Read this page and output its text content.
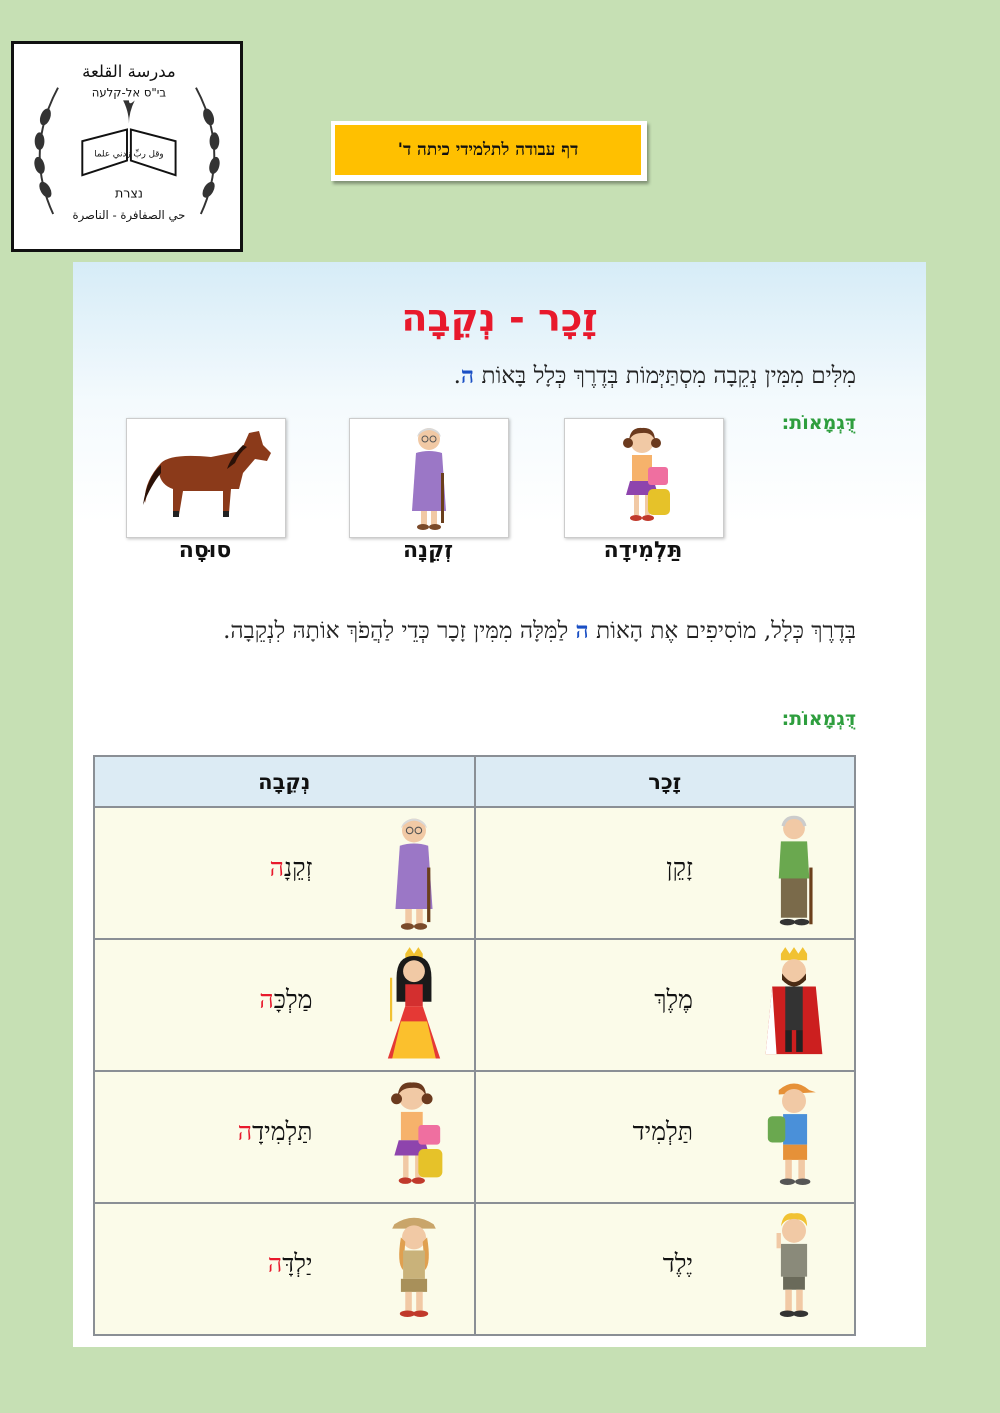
مدرسة القلعة
בי"ס אל-קלעה
وقل ربِّ زدني علما
נצרת
حي الصفافرة - الناصرة
דף עבודה לתלמידי כיתה ד'
זָכָר - נְקֵבָה
מִלִּים מִמִּין נְקֵבָה מִסְתַּיְּמוֹת בְּדֶרֶךְ כְּלָל בָּאוֹת ה.
דֻּגְמָאוֹת:
תַּלְמִידָה
זְקֵנָה
סוּסָה
בְּדֶרֶךְ כְּלָל, מוֹסִיפִים אֶת הָאוֹת ה לַמִּלָּה מִמִּין זָכָר כְּדֵי לַהֲפֹךְ אוֹתָהּ לִנְקֵבָה.
דֻּגְמָאוֹת:
זָכָר	נְקֵבָה

זָקֵן	זְקֵנָה

מֶלֶךְ	מַלְכָּה

תַּלְמִיד	תַּלְמִידָה

יֶלֶד	יַלְדָּה
